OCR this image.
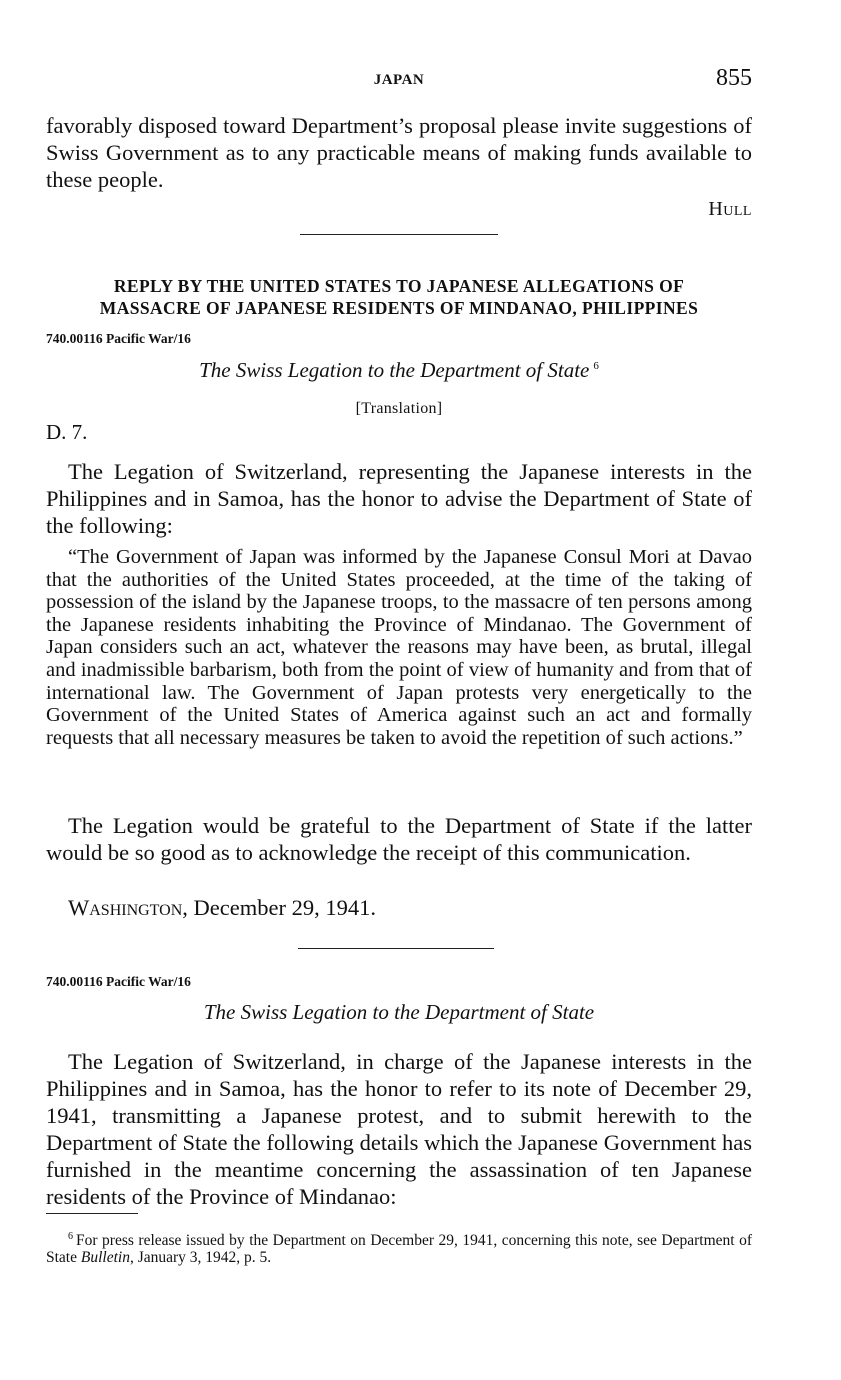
JAPAN	855

favorably disposed toward Department’s proposal please invite suggestions of Swiss Government as to any practicable means of making funds available to these people.

Hull
REPLY BY THE UNITED STATES TO JAPANESE ALLEGATIONS OF
MASSACRE OF JAPANESE RESIDENTS OF MINDANAO, PHILIPPINES
740.00116 Pacific War/16
The Swiss Legation to the Department of State $^6$
[Translation]
D. 7.

The Legation of Switzerland, representing the Japanese interests in the Philippines and in Samoa, has the honor to advise the Department of State of the following:

“The Government of Japan was informed by the Japanese Consul Mori at Davao that the authorities of the United States proceeded, at the time of the taking of possession of the island by the Japanese troops, to the massacre of ten persons among the Japanese residents inhabiting the Province of Mindanao. The Government of Japan considers such an act, whatever the reasons may have been, as brutal, illegal and inadmissible barbarism, both from the point of view of humanity and from that of international law. The Government of Japan protests very energetically to the Government of the United States of America against such an act and formally requests that all necessary measures be taken to avoid the repetition of such actions.”

The Legation would be grateful to the Department of State if the latter would be so good as to acknowledge the receipt of this communication.

Washington, December 29, 1941.

740.00116 Pacific War/16
The Swiss Legation to the Department of State

The Legation of Switzerland, in charge of the Japanese interests in the Philippines and in Samoa, has the honor to refer to its note of December 29, 1941, transmitting a Japanese protest, and to submit herewith to the Department of State the following details which the Japanese Government has furnished in the meantime concerning the assassination of ten Japanese residents of the Province of Mindanao:

$^6$ For press release issued by the Department on December 29, 1941, concerning this note, see Department of State Bulletin, January 3, 1942, p. 5.
